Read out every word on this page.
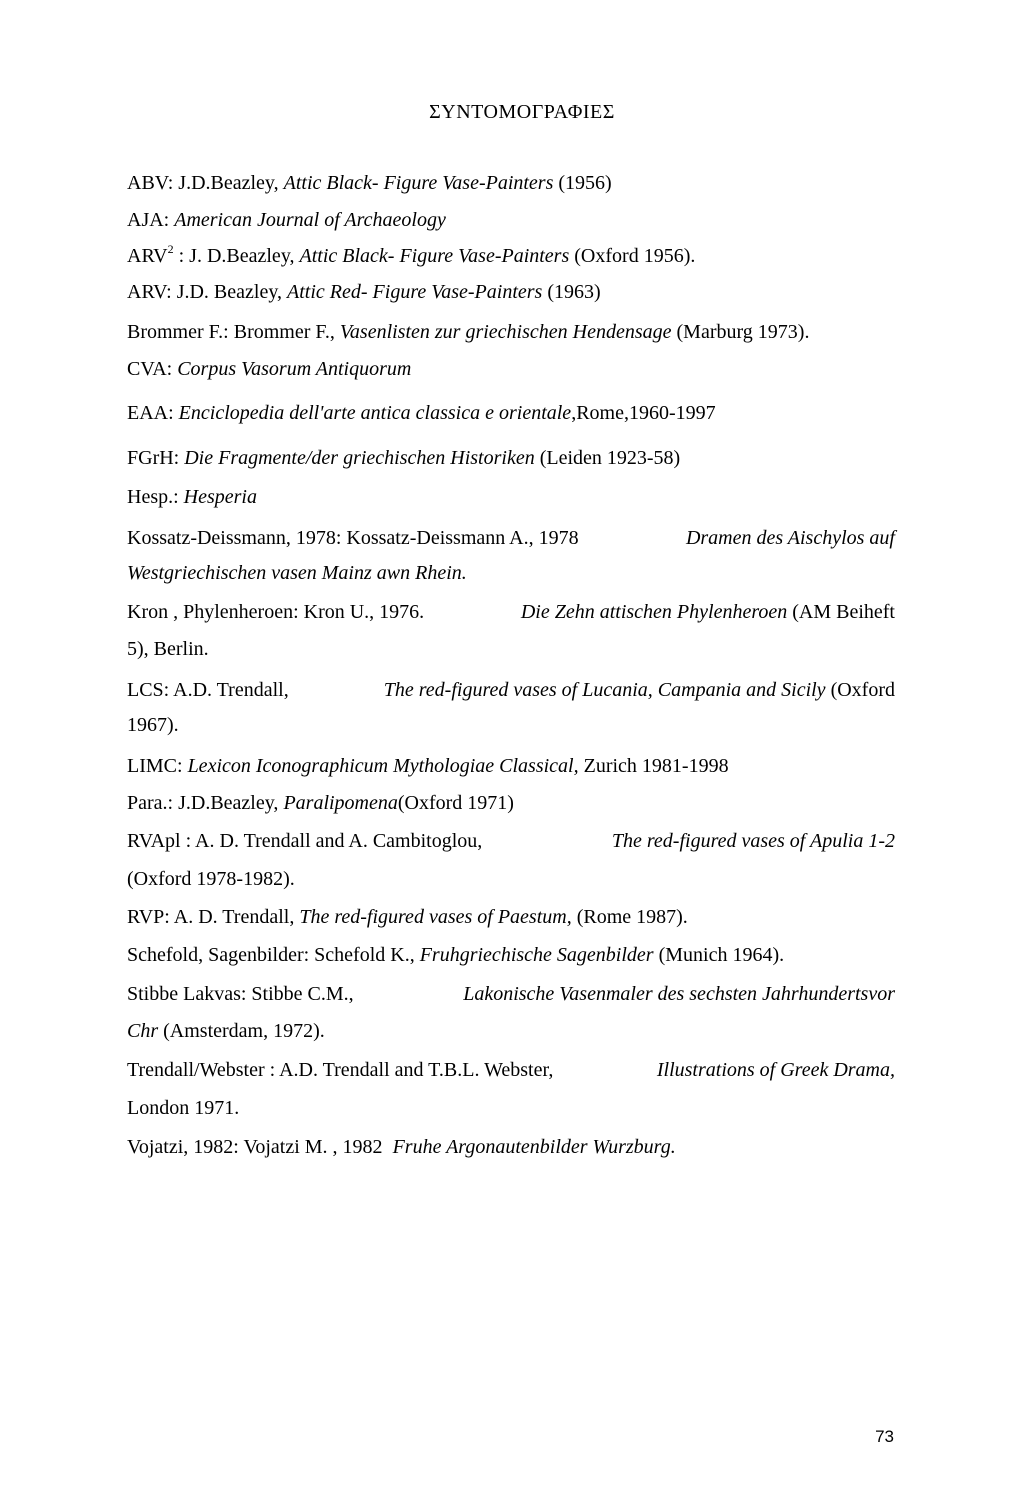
ΣΥΝΤΟΜΟΓΡΑΦΙΕΣ
ABV: J.D.Beazley, Attic Black- Figure Vase-Painters (1956)
AJA: American Journal of Archaeology
ARV$^2$ : J. D.Beazley, Attic Black- Figure Vase-Painters (Oxford 1956).
ARV: J.D. Beazley, Attic Red- Figure Vase-Painters (1963)
Brommer F.: Brommer F., Vasenlisten zur griechischen Hendensage (Marburg 1973).
CVA: Corpus Vasorum Antiquorum
EAA: Enciclopedia dell'arte antica classica e orientale,Rome,1960-1997
FGrH: Die Fragmente/der griechischen Historiken (Leiden 1923-58)
Hesp.: Hesperia
Kossatz-Deissmann, 1978: Kossatz-Deissmann A., 1978	Dramen des Aischylos auf
Westgriechischen vasen Mainz awn Rhein.
Kron , Phylenheroen: Kron U., 1976.	Die Zehn attischen Phylenheroen (AM Beiheft
5), Berlin.
LCS: A.D. Trendall,	The red-figured vases of Lucania, Campania and Sicily (Oxford
1967).
LIMC: Lexicon Iconographicum Mythologiae Classical, Zurich 1981-1998
Para.: J.D.Beazley, Paralipomena(Oxford 1971)
RVApl : A. D. Trendall and A. Cambitoglou,	The red-figured vases of Apulia 1-2
(Oxford 1978-1982).
RVP: A. D. Trendall, The red-figured vases of Paestum, (Rome 1987).
Schefold, Sagenbilder: Schefold K., Fruhgriechische Sagenbilder (Munich 1964).
Stibbe Lakvas: Stibbe C.M.,	Lakonische Vasenmaler des sechsten Jahrhundertsvor
Chr (Amsterdam, 1972).
Trendall/Webster : A.D. Trendall and T.B.L. Webster,	Illustrations of Greek Drama,
London 1971.
Vojatzi, 1982: Vojatzi M. , 1982 Fruhe Argonautenbilder Wurzburg.
73
